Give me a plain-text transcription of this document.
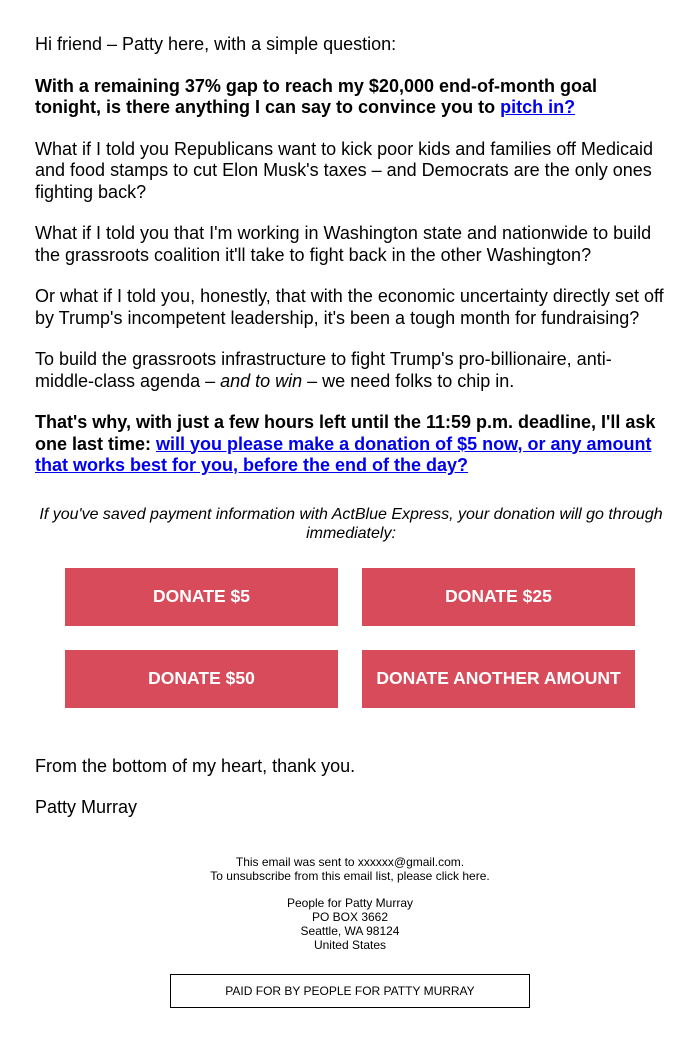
Hi friend – Patty here, with a simple question:
With a remaining 37% gap to reach my $20,000 end-of-month goal tonight, is there anything I can say to convince you to pitch in?
What if I told you Republicans want to kick poor kids and families off Medicaid and food stamps to cut Elon Musk's taxes – and Democrats are the only ones fighting back?
What if I told you that I'm working in Washington state and nationwide to build the grassroots coalition it'll take to fight back in the other Washington?
Or what if I told you, honestly, that with the economic uncertainty directly set off by Trump's incompetent leadership, it's been a tough month for fundraising?
To build the grassroots infrastructure to fight Trump's pro-billionaire, anti-middle-class agenda – and to win – we need folks to chip in.
That's why, with just a few hours left until the 11:59 p.m. deadline, I'll ask one last time: will you please make a donation of $5 now, or any amount that works best for you, before the end of the day?
If you've saved payment information with ActBlue Express, your donation will go through immediately:
DONATE $5	DONATE $25
DONATE $50	DONATE ANOTHER AMOUNT
From the bottom of my heart, thank you.
Patty Murray
This email was sent to xxxxxx@gmail.com.
To unsubscribe from this email list, please click here.
People for Patty Murray
PO BOX 3662
Seattle, WA 98124
United States
PAID FOR BY PEOPLE FOR PATTY MURRAY
